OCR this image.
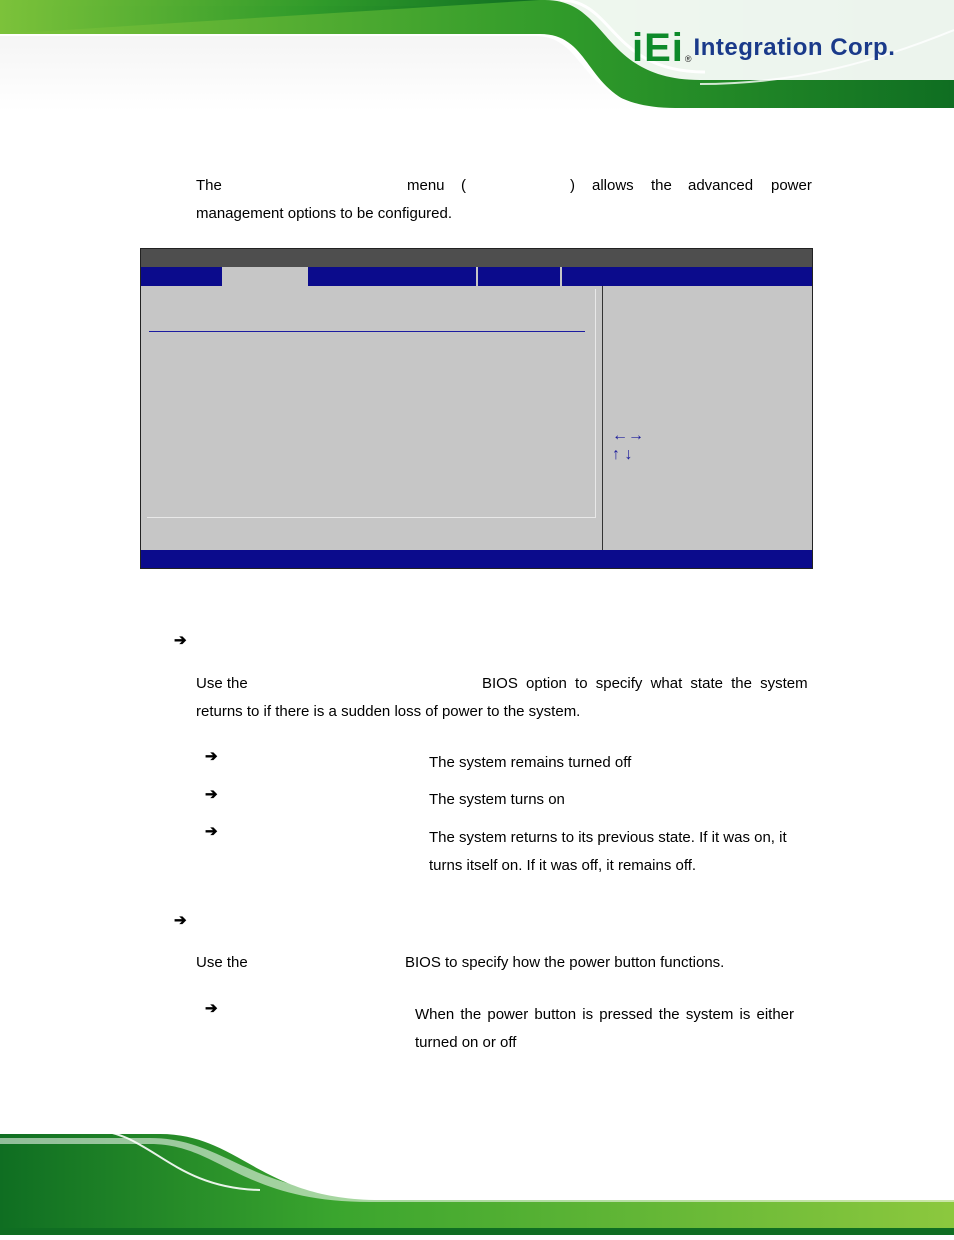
iEi ® Integration Corp.
The	menu (	) allows the advanced power
management options to be configured.
←→
↑ ↓
➔
Use the	BIOS option to specify what state the system
returns to if there is a sudden loss of power to the system.
➔	The system remains turned off
➔	The system turns on
➔	The system returns to its previous state. If it was on, it
turns itself on. If it was off, it remains off.
➔
Use the	BIOS to specify how the power button functions.
➔	When the power button is pressed the system is either
turned on or off
